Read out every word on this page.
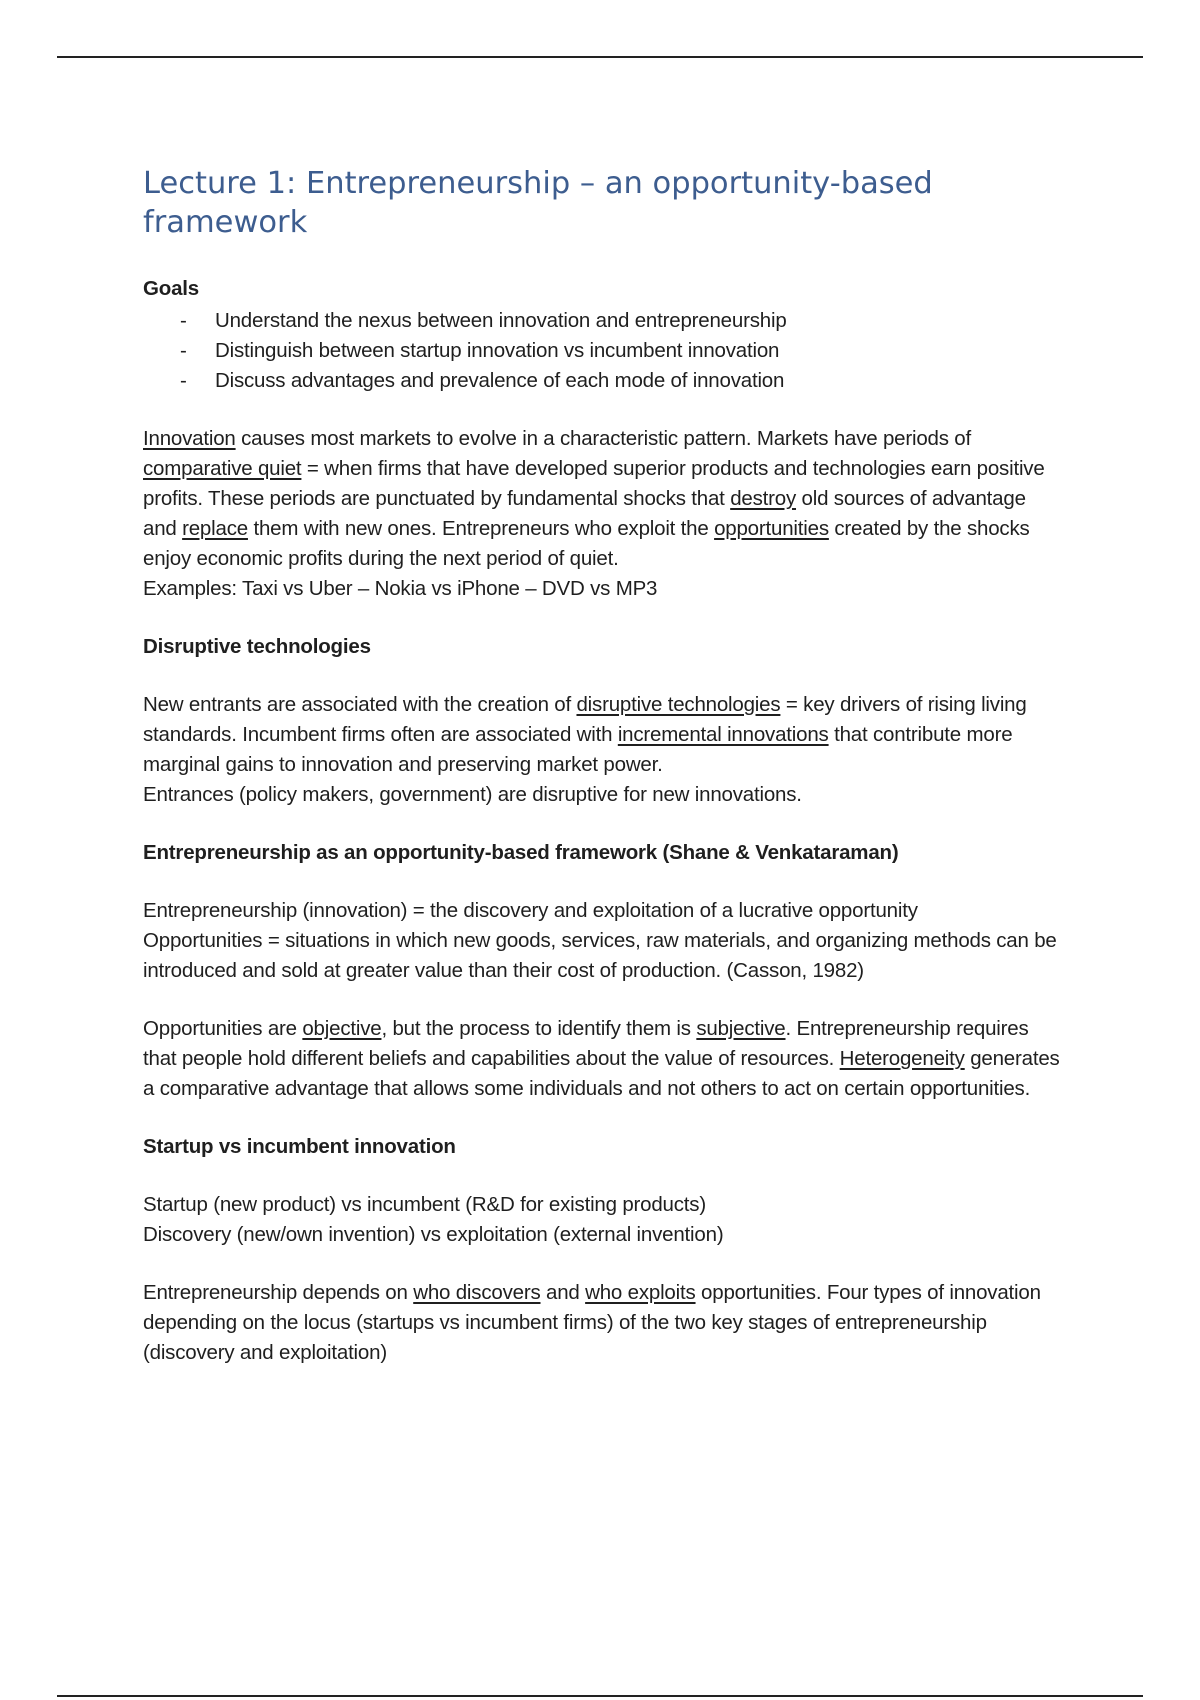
Lecture 1: Entrepreneurship – an opportunity-based framework
Goals
- Understand the nexus between innovation and entrepreneurship
- Distinguish between startup innovation vs incumbent innovation
- Discuss advantages and prevalence of each mode of innovation

Innovation causes most markets to evolve in a characteristic pattern. Markets have periods of comparative quiet = when firms that have developed superior products and technologies earn positive profits. These periods are punctuated by fundamental shocks that destroy old sources of advantage and replace them with new ones. Entrepreneurs who exploit the opportunities created by the shocks enjoy economic profits during the next period of quiet.

Examples: Taxi vs Uber – Nokia vs iPhone – DVD vs MP3

Disruptive technologies

New entrants are associated with the creation of disruptive technologies = key drivers of rising living standards. Incumbent firms often are associated with incremental innovations that contribute more marginal gains to innovation and preserving market power.

Entrances (policy makers, government) are disruptive for new innovations.

Entrepreneurship as an opportunity-based framework (Shane & Venkataraman)

Entrepreneurship (innovation) = the discovery and exploitation of a lucrative opportunity

Opportunities = situations in which new goods, services, raw materials, and organizing methods can be introduced and sold at greater value than their cost of production. (Casson, 1982)

Opportunities are objective, but the process to identify them is subjective. Entrepreneurship requires that people hold different beliefs and capabilities about the value of resources. Heterogeneity generates a comparative advantage that allows some individuals and not others to act on certain opportunities.

Startup vs incumbent innovation

Startup (new product) vs incumbent (R&D for existing products)

Discovery (new/own invention) vs exploitation (external invention)

Entrepreneurship depends on who discovers and who exploits opportunities. Four types of innovation depending on the locus (startups vs incumbent firms) of the two key stages of entrepreneurship (discovery and exploitation)
